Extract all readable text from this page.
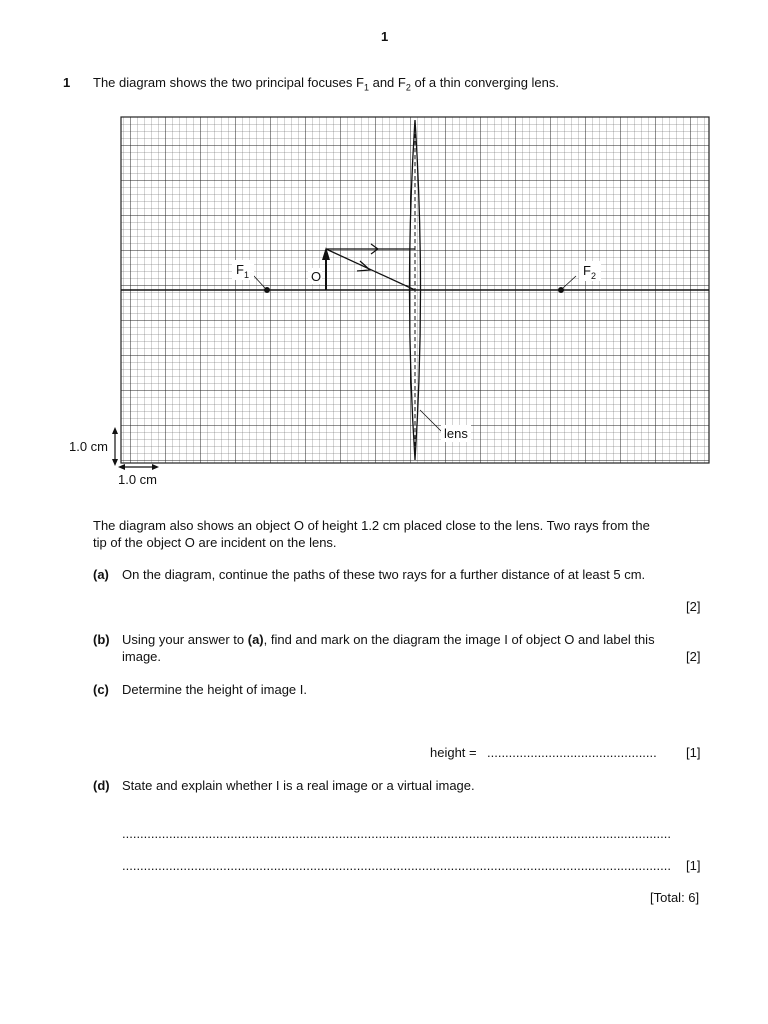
1
1 The diagram shows the two principal focuses $F_1$ and $F_2$ of a thin converging lens.
$F_1$	$F_2$
O
lens
1.0 cm
1.0 cm
The diagram also shows an object O of height 1.2 cm placed close to the lens. Two rays from the
tip of the object O are incident on the lens.
(a) On the diagram, continue the paths of these two rays for a further distance of at least 5 cm.
[2]
(b) Using your answer to (a), find and mark on the diagram the image I of object O and label this
image.	[2]
(c) Determine the height of image I.
height = ............................................... [1]
(d) State and explain whether I is a real image or a virtual image.
........................................................................................................................................................
........................................................................................................................................................ [1]
[Total: 6]
